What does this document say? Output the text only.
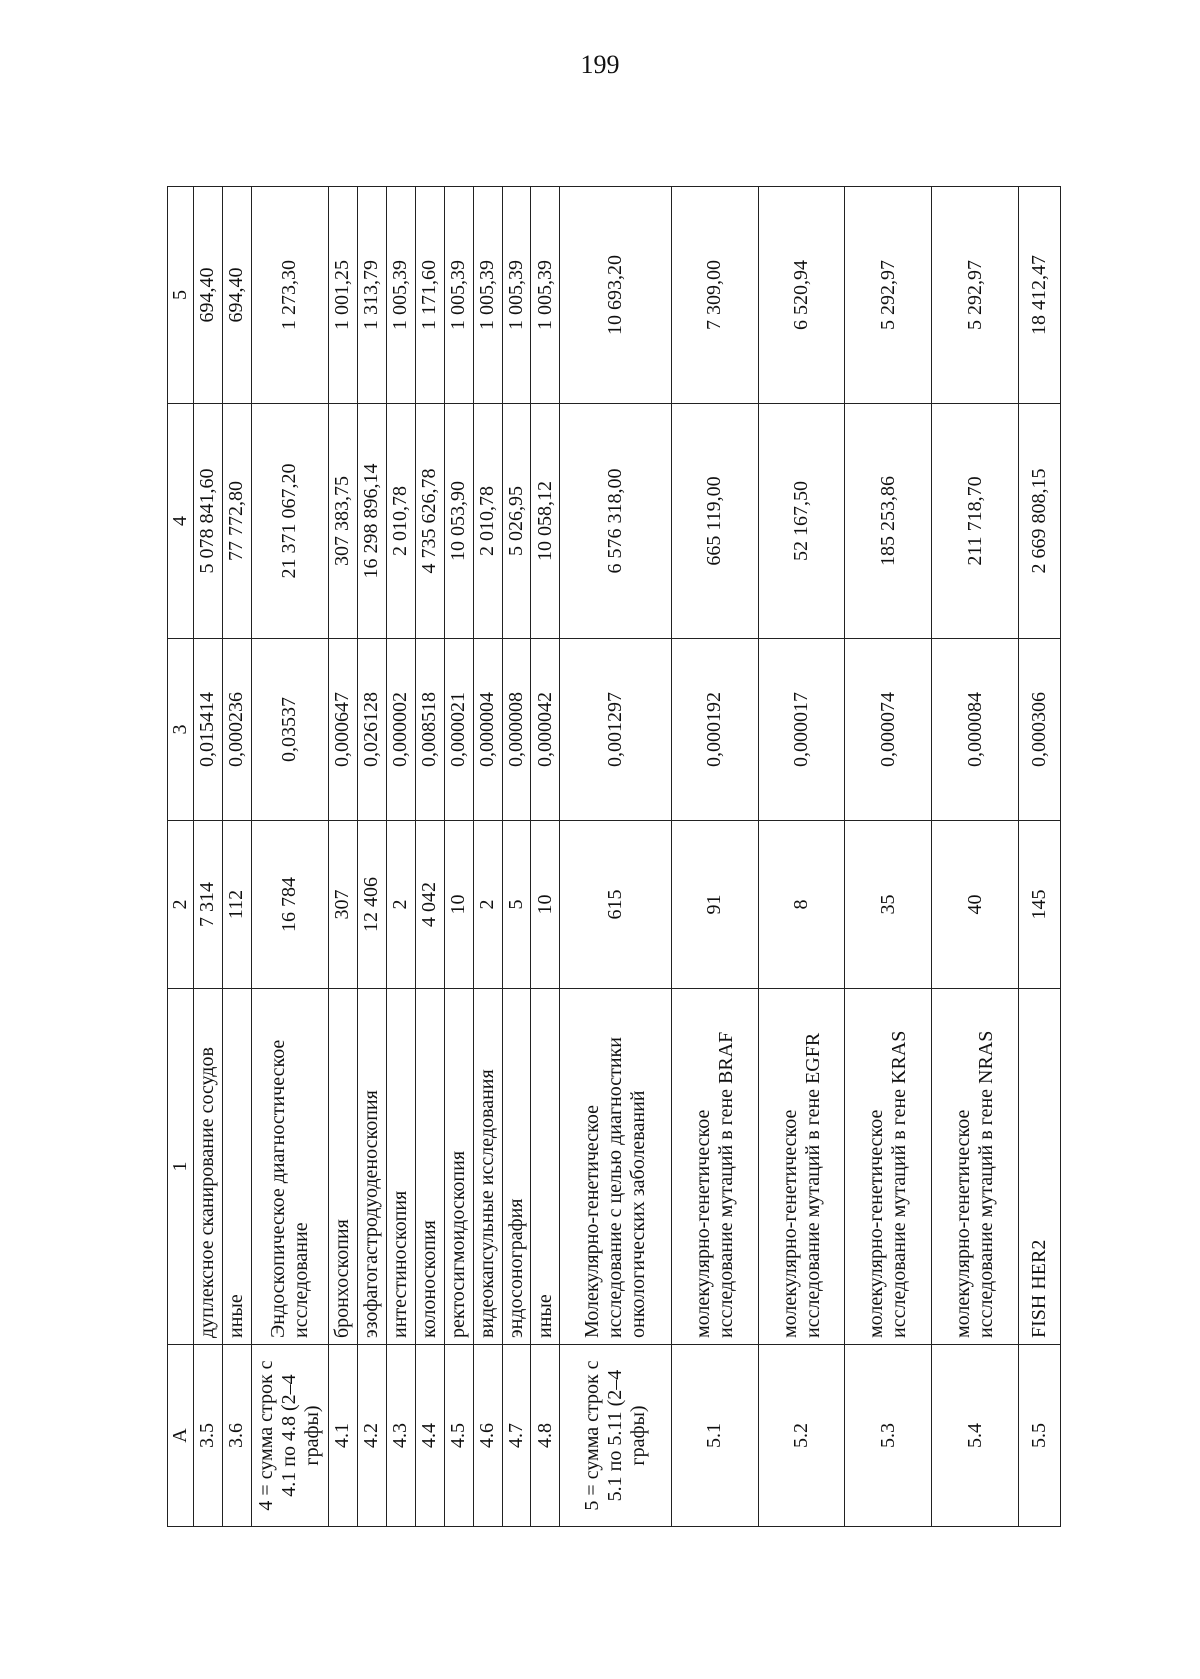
199
A	1	2	3	4	5
3.5	дуплексное сканирование сосудов	7 314	0,015414	5 078 841,60	694,40
3.6	иные	112	0,000236	77 772,80	694,40
4 = сумма строк с 4.1 по 4.8 (2–4 графы)	Эндоскопическое диагностическое исследование	16 784	0,03537	21 371 067,20	1 273,30
4.1	бронхоскопия	307	0,000647	307 383,75	1 001,25
4.2	эзофагогастродуоденоскопия	12 406	0,026128	16 298 896,14	1 313,79
4.3	интестиноскопия	2	0,000002	2 010,78	1 005,39
4.4	колоноскопия	4 042	0,008518	4 735 626,78	1 171,60
4.5	ректосигмоидоскопия	10	0,000021	10 053,90	1 005,39
4.6	видеокапсульные исследования	2	0,000004	2 010,78	1 005,39
4.7	эндосонография	5	0,000008	5 026,95	1 005,39
4.8	иные	10	0,000042	10 058,12	1 005,39
5 = сумма строк с 5.1 по 5.11 (2–4 графы)	Молекулярно-генетическое исследование с целью диагностики онкологических заболеваний	615	0,001297	6 576 318,00	10 693,20
5.1	молекулярно-генетическое исследование мутаций в гене BRAF	91	0,000192	665 119,00	7 309,00
5.2	молекулярно-генетическое исследование мутаций в гене EGFR	8	0,000017	52 167,50	6 520,94
5.3	молекулярно-генетическое исследование мутаций в гене KRAS	35	0,000074	185 253,86	5 292,97
5.4	молекулярно-генетическое исследование мутаций в гене NRAS	40	0,000084	211 718,70	5 292,97
5.5	FISH HER2	145	0,000306	2 669 808,15	18 412,47
